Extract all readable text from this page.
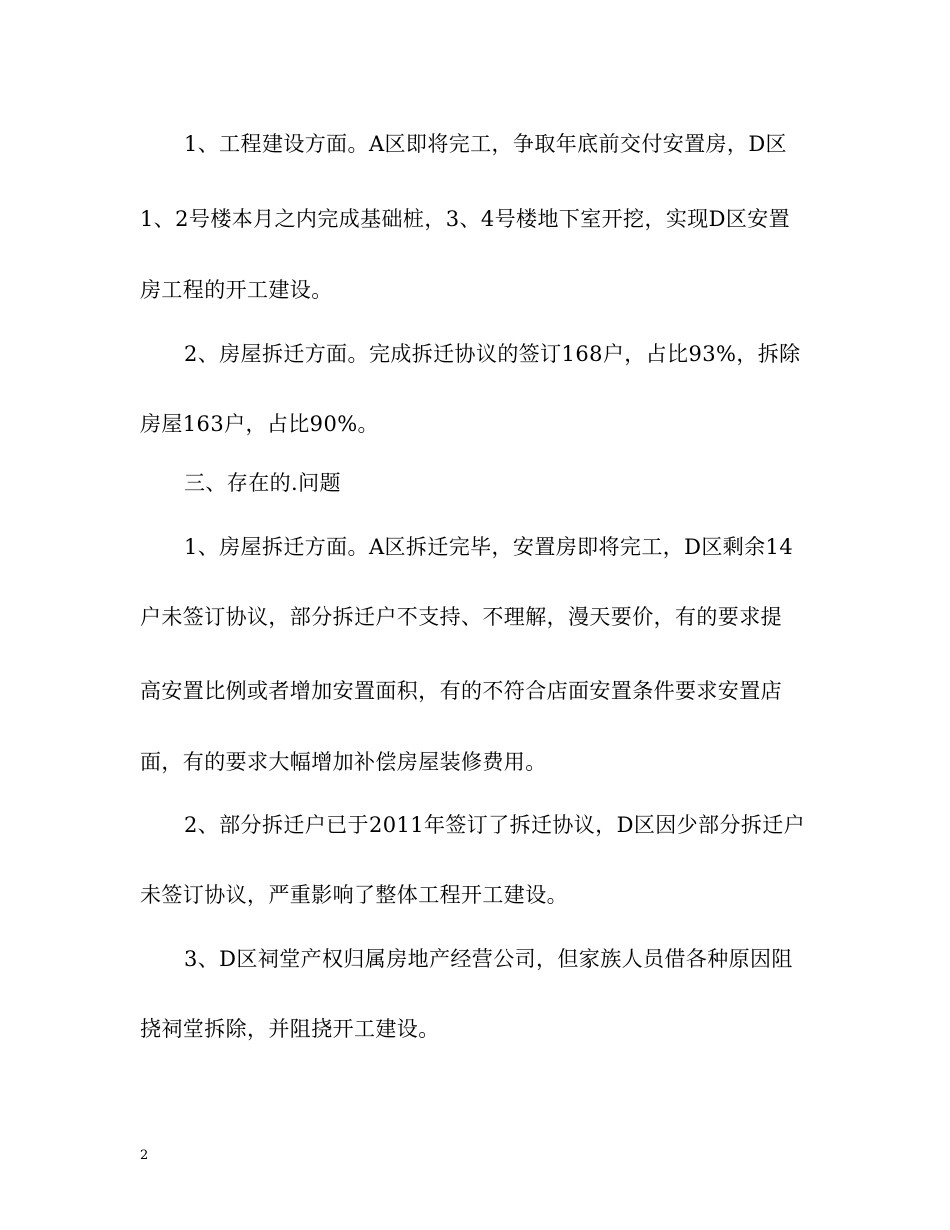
1、工程建设方面。A区即将完工，争取年底前交付安置房，D区
1、2号楼本月之内完成基础桩，3、4号楼地下室开挖，实现D区安置
房工程的开工建设。
2、房屋拆迁方面。完成拆迁协议的签订168户，占比93%，拆除
房屋163户，占比90%。
三、存在的.问题
1、房屋拆迁方面。A区拆迁完毕，安置房即将完工，D区剩余14
户未签订协议，部分拆迁户不支持、不理解，漫天要价，有的要求提
高安置比例或者增加安置面积，有的不符合店面安置条件要求安置店
面，有的要求大幅增加补偿房屋装修费用。
2、部分拆迁户已于2011年签订了拆迁协议，D区因少部分拆迁户
未签订协议，严重影响了整体工程开工建设。
3、D区祠堂产权归属房地产经营公司，但家族人员借各种原因阻
挠祠堂拆除，并阻挠开工建设。
2
